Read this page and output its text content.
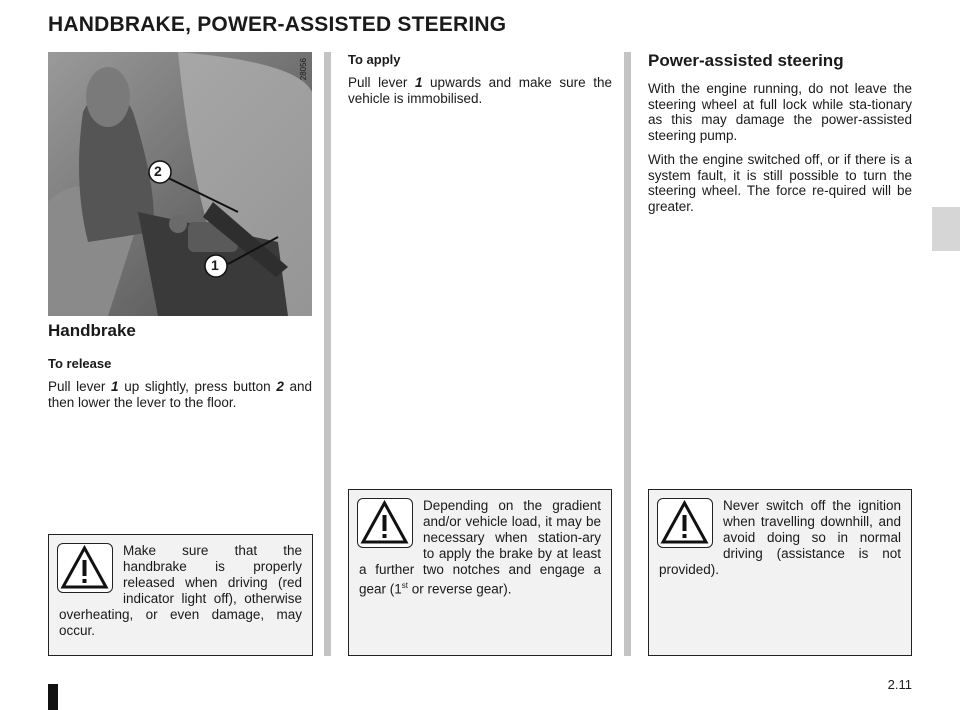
HANDBRAKE, POWER-ASSISTED STEERING
2
1
28056
Handbrake
To release
Pull lever 1 up slightly, press button 2 and then lower the lever to the floor.
To apply
Pull lever 1 upwards and make sure the vehicle is immobilised.
Power-assisted steering
With the engine running, do not leave the steering wheel at full lock while sta-tionary as this may damage the power-assisted steering pump.
With the engine switched off, or if there is a system fault, it is still possible to turn the steering wheel. The force re-quired will be greater.
Make sure that the handbrake is properly released when driving (red indicator light off), otherwise overheating, or even damage, may occur.
Depending on the gradient and/or vehicle load, it may be necessary when station-ary to apply the brake by at least a further two notches and engage a gear (1st or reverse gear).
Never switch off the ignition when travelling downhill, and avoid doing so in normal driving (assistance is not provided).
2.11
